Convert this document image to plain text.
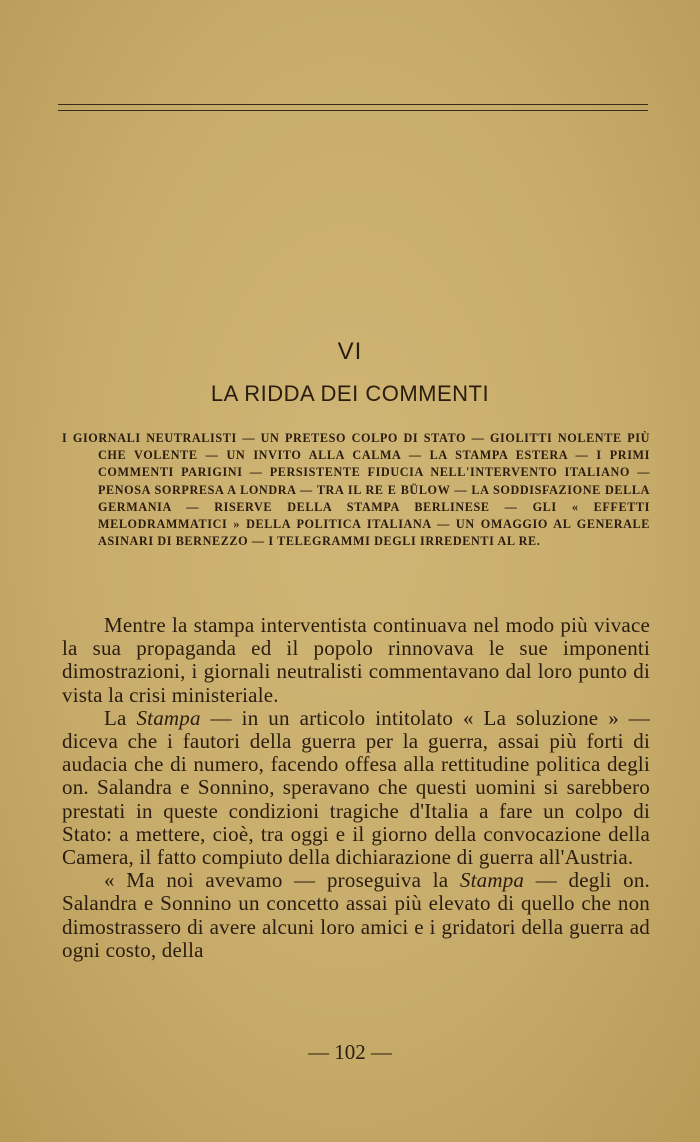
VI
LA RIDDA DEI COMMENTI

I GIORNALI NEUTRALISTI — UN PRETESO COLPO DI STATO — GIOLITTI NOLENTE PIÙ CHE VOLENTE — UN INVITO ALLA CALMA — LA STAMPA ESTERA — I PRIMI COMMENTI PARIGINI — PERSISTENTE FIDUCIA NELL'INTERVENTO ITALIANO — PENOSA SORPRESA A LONDRA — TRA IL RE E BÜLOW — LA SODDISFAZIONE DELLA GERMANIA — RISERVE DELLA STAMPA BERLINESE — GLI « EFFETTI MELODRAMMATICI » DELLA POLITICA ITALIANA — UN OMAGGIO AL GENERALE ASINARI DI BERNEZZO — I TELEGRAMMI DEGLI IRREDENTI AL RE.

Mentre la stampa interventista continuava nel modo più vivace la sua propaganda ed il popolo rinnovava le sue imponenti dimostrazioni, i giornali neutralisti commentavano dal loro punto di vista la crisi ministeriale.

La Stampa — in un articolo intitolato « La soluzione » — diceva che i fautori della guerra per la guerra, assai più forti di audacia che di numero, facendo offesa alla rettitudine politica degli on. Salandra e Sonnino, speravano che questi uomini si sarebbero prestati in queste condizioni tragiche d'Italia a fare un colpo di Stato: a mettere, cioè, tra oggi e il giorno della convocazione della Camera, il fatto compiuto della dichiarazione di guerra all'Austria.

« Ma noi avevamo — proseguiva la Stampa — degli on. Salandra e Sonnino un concetto assai più elevato di quello che non dimostrassero di avere alcuni loro amici e i gridatori della guerra ad ogni costo, della

— 102 —
